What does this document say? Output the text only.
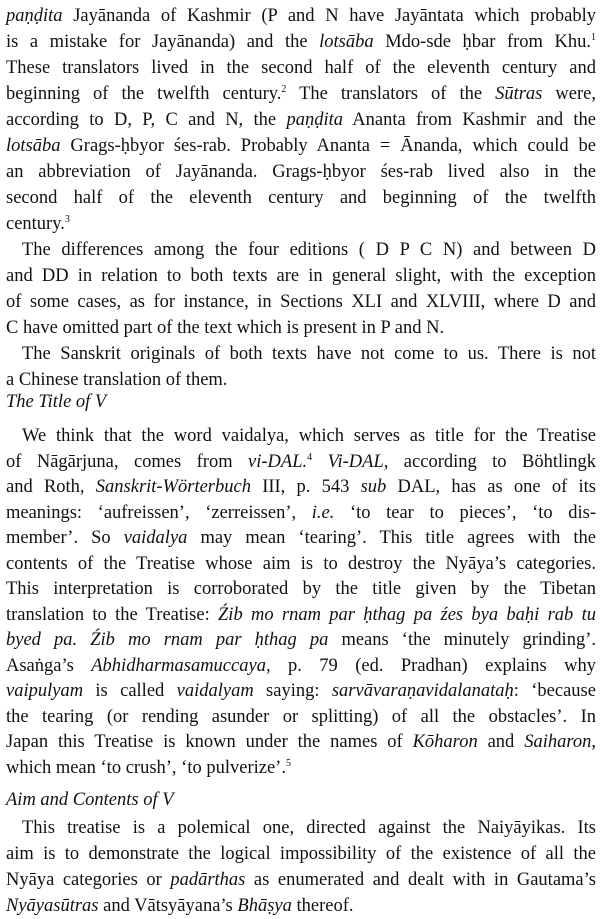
paṇḍita Jayānanda of Kashmir (P and N have Jayāntata which probably
is a mistake for Jayānanda) and the lotsāba Mdo-sde ḥbar from Khu.$^1$
These translators lived in the second half of the eleventh century and
beginning of the twelfth century.$^2$ The translators of the Sūtras were,
according to D, P, C and N, the paṇḍita Ananta from Kashmir and the
lotsāba Grags-ḥbyor śes-rab. Probably Ananta = Ānanda, which could be
an abbreviation of Jayānanda. Grags-ḥbyor śes-rab lived also in the
second half of the eleventh century and beginning of the twelfth
century.$^3$
The differences among the four editions ( D P C N) and between D
and DD in relation to both texts are in general slight, with the exception
of some cases, as for instance, in Sections XLI and XLVIII, where D and
C have omitted part of the text which is present in P and N.
The Sanskrit originals of both texts have not come to us. There is not
a Chinese translation of them.
The Title of V
We think that the word vaidalya, which serves as title for the Treatise
of Nāgārjuna, comes from vi-DAL.$^4$ Vi-DAL, according to Böhtlingk
and Roth, Sanskrit-Wörterbuch III, p. 543 sub DAL, has as one of its
meanings: ‘aufreissen’, ‘zerreissen’, i.e. ‘to tear to pieces’, ‘to dis-
member’. So vaidalya may mean ‘tearing’. This title agrees with the
contents of the Treatise whose aim is to destroy the Nyāya’s categories.
This interpretation is corroborated by the title given by the Tibetan
translation to the Treatise: Źib mo rnam par ḥthag pa źes bya baḥi rab tu
byed pa. Źib mo rnam par ḥthag pa means ‘the minutely grinding’.
Asaṅga’s Abhidharmasamuccaya, p. 79 (ed. Pradhan) explains why
vaipulyam is called vaidalyam saying: sarvāvaraṇavidalanataḥ: ‘because
the tearing (or rending asunder or splitting) of all the obstacles’. In
Japan this Treatise is known under the names of Kōharon and Saiharon,
which mean ‘to crush’, ‘to pulverize’.$^5$
Aim and Contents of V
This treatise is a polemical one, directed against the Naiyāyikas. Its
aim is to demonstrate the logical impossibility of the existence of all the
Nyāya categories or padārthas as enumerated and dealt with in Gautama’s
Nyāyasūtras and Vātsyāyana’s Bhāṣya thereof.
